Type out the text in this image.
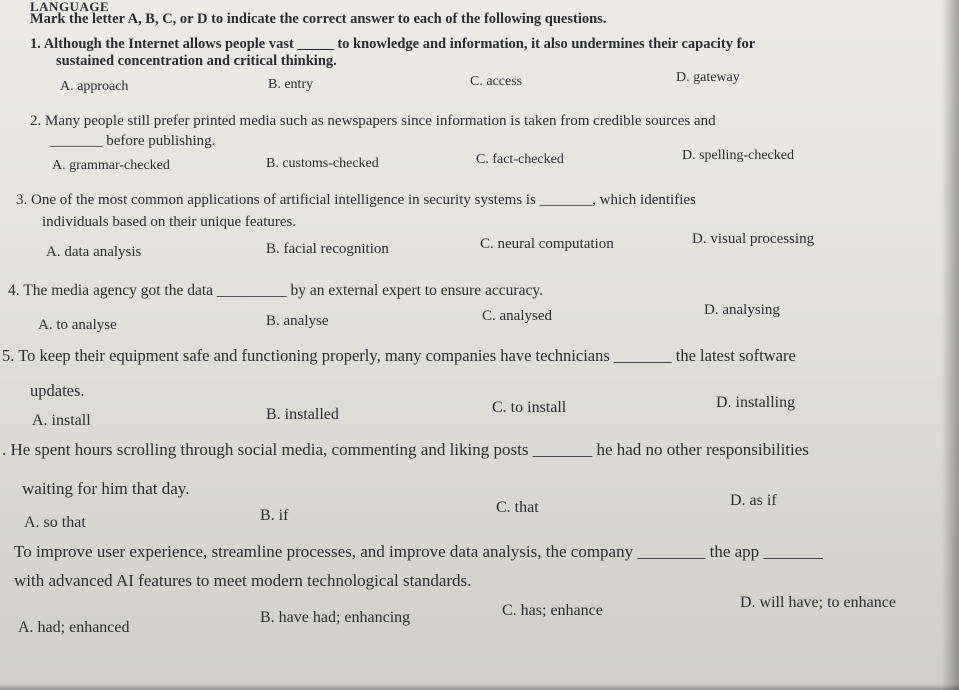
LANGUAGE
Mark the letter A, B, C, or D to indicate the correct answer to each of the following questions.
1. Although the Internet allows people vast _____ to knowledge and information, it also undermines their capacity for
sustained concentration and critical thinking.
A. approach	B. entry	C. access	D. gateway
2. Many people still prefer printed media such as newspapers since information is taken from credible sources and
_______ before publishing.
A. grammar-checked	B. customs-checked	C. fact-checked	D. spelling-checked
3. One of the most common applications of artificial intelligence in security systems is _______, which identifies
individuals based on their unique features.
A. data analysis	B. facial recognition	C. neural computation	D. visual processing
4. The media agency got the data _________ by an external expert to ensure accuracy.
A. to analyse	B. analyse	C. analysed	D. analysing
5. To keep their equipment safe and functioning properly, many companies have technicians _______ the latest software
updates.
A. install	B. installed	C. to install	D. installing
. He spent hours scrolling through social media, commenting and liking posts _______ he had no other responsibilities
waiting for him that day.
A. so that	B. if	C. that	D. as if
To improve user experience, streamline processes, and improve data analysis, the company ________ the app _______
with advanced AI features to meet modern technological standards.
A. had; enhanced
B. have had; enhancing	C. has; enhance	D. will have; to enhance
